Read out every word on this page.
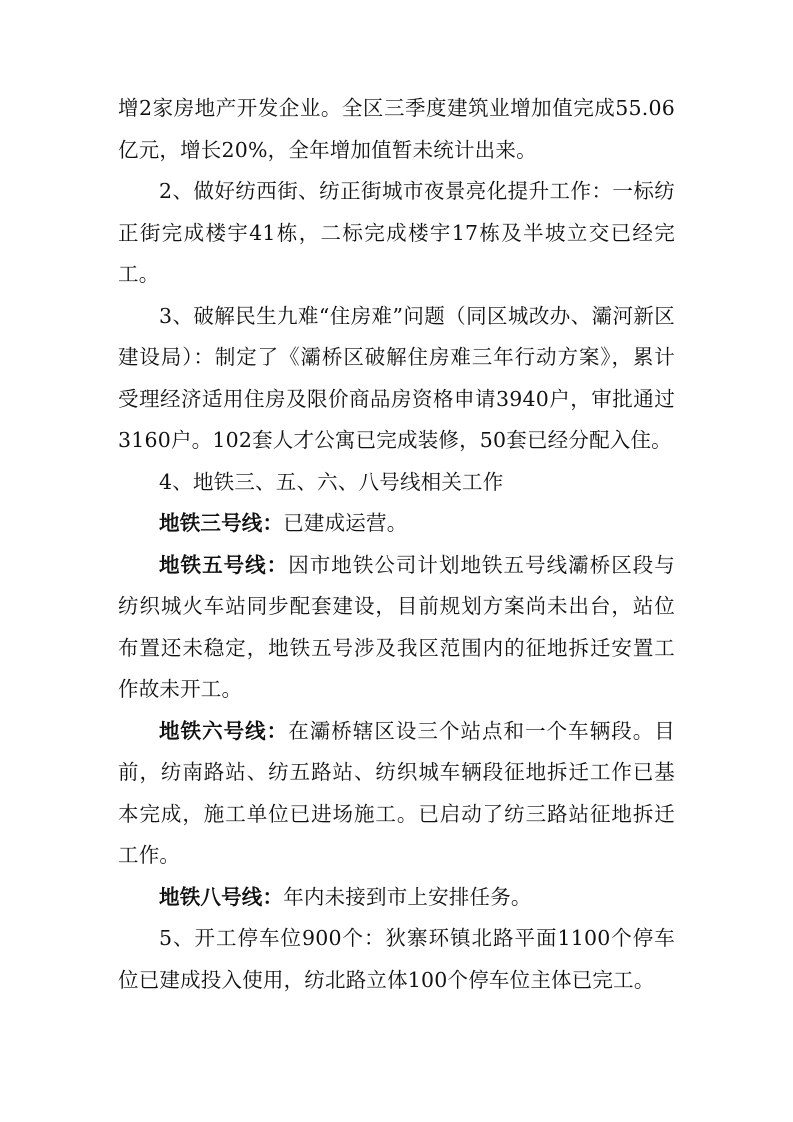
增2家房地产开发企业。全区三季度建筑业增加值完成55.06亿元，增长20%，全年增加值暂未统计出来。

2、做好纺西街、纺正街城市夜景亮化提升工作：一标纺正街完成楼宇41栋，二标完成楼宇17栋及半坡立交已经完工。

3、破解民生九难“住房难”问题（同区城改办、灞河新区建设局）：制定了《灞桥区破解住房难三年行动方案》，累计受理经济适用住房及限价商品房资格申请3940户，审批通过3160户。102套人才公寓已完成装修，50套已经分配入住。

4、地铁三、五、六、八号线相关工作

地铁三号线：已建成运营。

地铁五号线：因市地铁公司计划地铁五号线灞桥区段与纺织城火车站同步配套建设，目前规划方案尚未出台，站位布置还未稳定，地铁五号涉及我区范围内的征地拆迁安置工作故未开工。

地铁六号线：在灞桥辖区设三个站点和一个车辆段。目前，纺南路站、纺五路站、纺织城车辆段征地拆迁工作已基本完成，施工单位已进场施工。已启动了纺三路站征地拆迁工作。

地铁八号线：年内未接到市上安排任务。

5、开工停车位900个：狄寨环镇北路平面1100个停车位已建成投入使用，纺北路立体100个停车位主体已完工。
